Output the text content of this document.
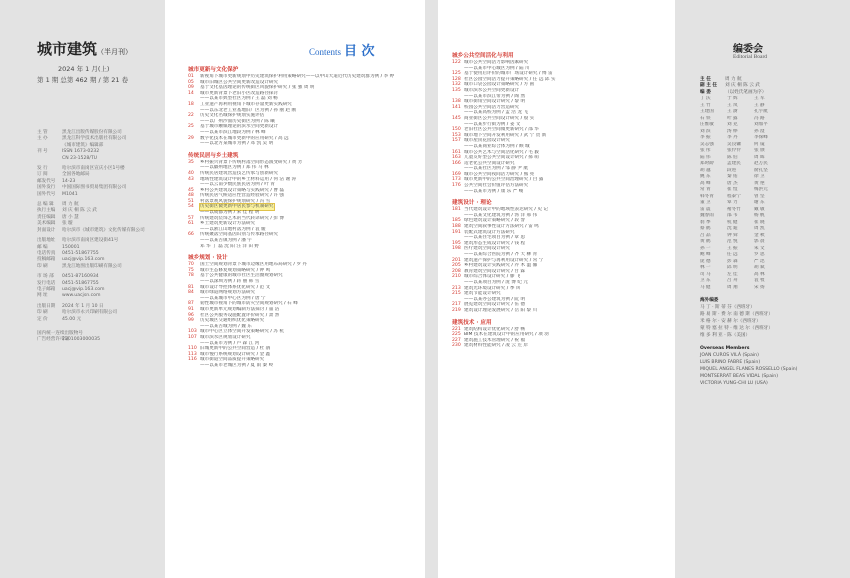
城市建筑（半月刊）
2024 年 1 月(上)
第 1 期 总第 462 期 / 第 21 卷
主 管	黑龙江出版传媒股份有限公司
主 办	黑龙江科学技术出版社有限公司
《城市建筑》编辑部
刊 号	ISSN 1673-0232
CN 23-1528/TU
发 行	哈尔滨市南岗区宣庆小区1号楼
订 阅	全国各地邮局
邮发代号	14-23
国外发行	中国国际图书贸易集团有限公司
国外代号	M1041
总 编 辑	周 力 航
执行主编	刘 庆 桐 陈 云 武
责任编辑	唐 小 慧
美术编辑	张 璇
封面设计	哈尔滨市《城市建筑》文化传媒有限公司
出版地址	哈尔滨市南岗区建设街41号
邮 编	150001
电话传真	0451-51867755
投稿邮箱	uacj@vip.163.com
印 刷	黑龙江地图出版印刷有限公司
市 场 部	0451-87160934
发行电话	0451-51867755
电子邮箱	uacj@vip.163.com
网 址	www.uacjsn.com
出版日期	2024 年 1 月 10 日
印 刷	哈尔滨市永兴印刷有限公司
定 价	45.00 元
国内统一连续出版物号
广告经营许可证
2301003000035
Contents 目 次
城市更新与文化保护
01	新视角下城市更新规划中历史建筑保护利用策略研究——以中山大道近代历史建筑群为例 / 李 婷
05	城市旧城区公共空间更新改造设计研究
09	基于文化基因理论的传统街区风貌保护研究 / 张 强 周 明
14	城市更新背景下老旧小区改造路径探讨
——以某市典型社区为例 / 王 磊 刘 畅
18	工业遗产再利用视角下城市存量更新实践研究
——以东北老工业基地旧厂区为例 / 孙 丽 赵 刚
22	历史文化名城保护规划实施评估
——以广州沙面历史街区为例 / 陈 曦
25	基于城市触媒理论的滨水空间更新设计
——以某市滨江地段为例 / 林 峰
29	数字化技术在城市更新中的应用研究 / 高 远
——以北方某城市为例 / 邓 凯 吴 明
传统民居与乡土建筑
35	乡村振兴背景下传统村落空间形态演变研究 / 黄 芳
——以徽州地区为例 / 郑 伟 马 林
40	传统民居建筑营造技艺传承与创新研究
43	地域性建筑设计中的乡土材料运用 / 何 洁 谢 涛
——以云南少数民族民居为例 / 叶 青
45	乡村公共建筑设计策略与实践研究 / 曹 磊
48	传统民居气候适应性营造经验研究 / 许 强
51	村落景观风貌保护规划研究 / 冯 雪
54	历史街区微更新中居民参与机制研究
——以成都为例 / 宋 佳 程 明
57	传统建筑装饰艺术的当代转译研究 / 彭 博
61	乡土建筑更新设计方法研究
——以浙江山地村落为例 / 袁 媛
66	传统聚落空间基因识别与传承路径研究
——以某古镇为例 / 潘 宇
邓 华 丁 磊 沈 阳 汪 洋 田 野
城乡规划 · 设计
70	国土空间规划背景下城市边缘区用地布局研究 / 罗 丹
75	城市生态修复规划策略研究 / 钟 鸣
78	基于公共健康的城市社区生活圈规划研究
——以深圳为例 / 蒋 丽 韩 雪
81	城市设计导控体系优化研究 / 范 文
84	城市绿道网络规划方法研究
——以某城市中心区为例 / 唐 宁
87	韧性城市视角下的城市防灾空间规划研究 / 石 峰
91	城市更新单元规划编制方法探讨 / 董 洁
96	社区公共服务设施配置评价研究 / 萧 然
99	历史城区交通组织优化策略研究
——以某古城为例 / 魏 东
103 城市中心区立体空间开发策略研究 / 苏 杭
107 城市滨水区规划设计研究
——以某市为例 / 卢 森 江 河
110 旧城更新中的公共空间营造 / 杜 鹃
113 城市慢行系统规划设计研究 / 金 鑫
116 城市街道空间品质提升策略研究
——以某市老城区为例 / 夏 雨 秦 岭
城乡公共空间活化与利用
122 城市公共空间活力影响因素研究
——以某市中心城区为例 / 陆 川
125 基于使用后评价的城市广场设计研究 / 傅 雷
128 社区公园空间活力提升策略研究 / 任 远 邱 实
132 城市口袋公园设计策略研究 / 方 圆
135 城市滨水公共空间更新设计
——以某市滨江带为例 / 陶 然
138 城市街角空间设计研究 / 黎 明
141 校园公共空间活力营造研究
——以某高校为例 / 孟 浩 龙 飞
145 商业街区公共空间设计研究 / 殷 实
——以某步行街为例 / 姜 文
150 老旧社区公共空间微更新研究 / 邵 华
153 城市地下空间开发利用研究 / 武 宁 贺 新
157 城市屋顶花园设计研究
——以某商业综合体为例 / 顾 城
161 城市公共艺术与空间活化研究 / 毛 毅
163 儿童友好型公共空间设计研究 / 郝 萌
166 适老化公共空间设计研究
——以某社区为例 / 邹 静 尹 航
169 城市公共空间夜间活力研究 / 熊 亮
173 城市更新中的公共空间治理研究 / 白 露
176 公共空间社会价值评估方法研究
——以某市为例 / 康 乐 严 峻
建筑设计 · 理论
181 当代建筑设计中的地域性表达研究 / 史 记
——以某文化建筑为例 / 汤 洋 邢 伟
185 绿色建筑设计策略研究 / 段 誉
188 建筑空间叙事性设计方法研究 / 雷 鸣
191 装配式建筑设计方法研究
——以某住宅项目为例 / 覃 思
195 建筑形态生成设计研究 / 钱 程
198 医疗建筑空间设计研究
——以某综合医院为例 / 齐 天 柳 青
201 建筑遗产保护与再利用设计研究 / 常 宁
205 乡村建筑设计实践研究 / 乔 木 温 馨
208 教育建筑空间设计研究 / 甘 霖
210 城市综合体设计研究 / 滕 飞
——以某项目为例 / 庞 博 纪 元
213 建筑光环境设计研究 / 季 风
215 建筑节能设计研究
——以某办公建筑为例 / 阮 明
217 展览建筑空间设计研究 / 伍 德
219 建筑设计理论发展研究 / 岳 阳 黎 川
建筑技术 · 应用
221 建筑结构设计优化研究 / 舒 畅
225 BIM 技术在建筑设计中的应用研究 / 项 羽
227 建筑施工技术管理研究 / 祝 福
230 建筑材料性能研究 / 凌 云 左 岸
编委会
Editorial Board
主 任	周 力 航
副 主 任	刘 庆 桐 陈 云 武
编 委	（以姓氏笔画为序）
丁 沃	于 辉	王 军
王 竹	王 岚	王 静
王建国	王 澍	孔宇航
石 铁	叶 露	冯 路
庄惟敏	刘 克	刘加平
刘 滨	汤 桦	孙 澄
李 振	李 丹	李保峰
吴志强	吴良镛	何 镜
张 彤	张伶伶	张 颀
陆 伟	陈 伯	周 晖
郑时龄	孟建民	赵万民
胡 越	段进	俞孔坚
姚 东	秦 佑	徐 卫
高 峰	唐 杰	黄 艳
常 青	崔 愷	梅洪元
韩冬青	程泰宁	曾 坚
董 卫	覃 力	谢 东
雷 震	褚冬竹	戴 敏
魏春雨	邵 韦	杨 帆
翁 季	杭 健	崔 晓
蔡 鹤	沈 迪	周 凯
吕 品	钟 舜	金 秋
黄 鹤	范 悦	郭 晨
孙 一	王 振	朱 文
鲍 峰	任 远	罗 思
庞 德	彭 森	严 迅
林 一	邱 明	胡 斌
司 马	左 佳	高 林
卫 东	吕 舟	袁 牧
马 健	周 翔	宋 扬
海外编委
马 丁 · 斯 蒂 芬（西班牙）
路 易 斯 · 费 尔 南 德 斯（西班牙）
米 格 尔 · 安 赫 尔（西班牙）
蒙 特 塞 拉 特 · 维 达 尔（西班牙）
维 多 利 亚 · 陈（美国）
Overseas Members
JOAN CUROS VILÀ (Spain)
LUIS BRINO FABRE (Spain)
MIQUEL ANGEL FLANES ROSSELLO (Spain)
MONTSERRAT BEAS VIDAL (Spain)
VICTORIA YUNG-CHI LU (USA)
